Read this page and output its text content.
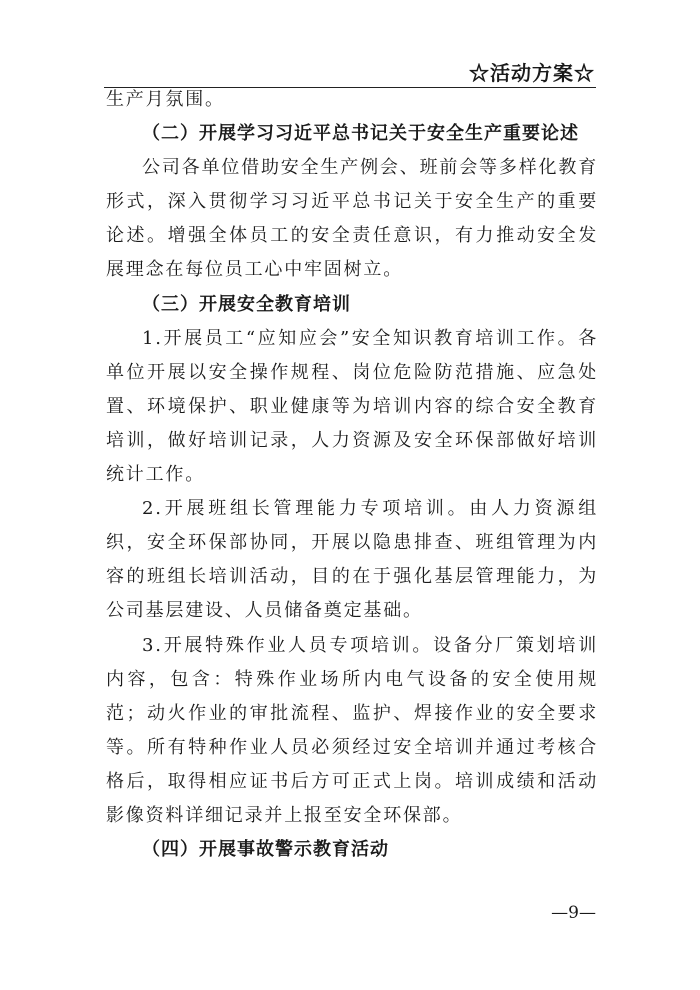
☆活动方案☆

生产月氛围。

（二）开展学习习近平总书记关于安全生产重要论述

公司各单位借助安全生产例会、班前会等多样化教育形式，深入贯彻学习习近平总书记关于安全生产的重要论述。增强全体员工的安全责任意识，有力推动安全发展理念在每位员工心中牢固树立。

（三）开展安全教育培训

1.开展员工“应知应会”安全知识教育培训工作。各单位开展以安全操作规程、岗位危险防范措施、应急处置、环境保护、职业健康等为培训内容的综合安全教育培训，做好培训记录，人力资源及安全环保部做好培训统计工作。

2.开展班组长管理能力专项培训。由人力资源组织，安全环保部协同，开展以隐患排查、班组管理为内容的班组长培训活动，目的在于强化基层管理能力，为公司基层建设、人员储备奠定基础。

3.开展特殊作业人员专项培训。设备分厂策划培训内容，包含：特殊作业场所内电气设备的安全使用规范；动火作业的审批流程、监护、焊接作业的安全要求等。所有特种作业人员必须经过安全培训并通过考核合格后，取得相应证书后方可正式上岗。培训成绩和活动影像资料详细记录并上报至安全环保部。

（四）开展事故警示教育活动

—9—
